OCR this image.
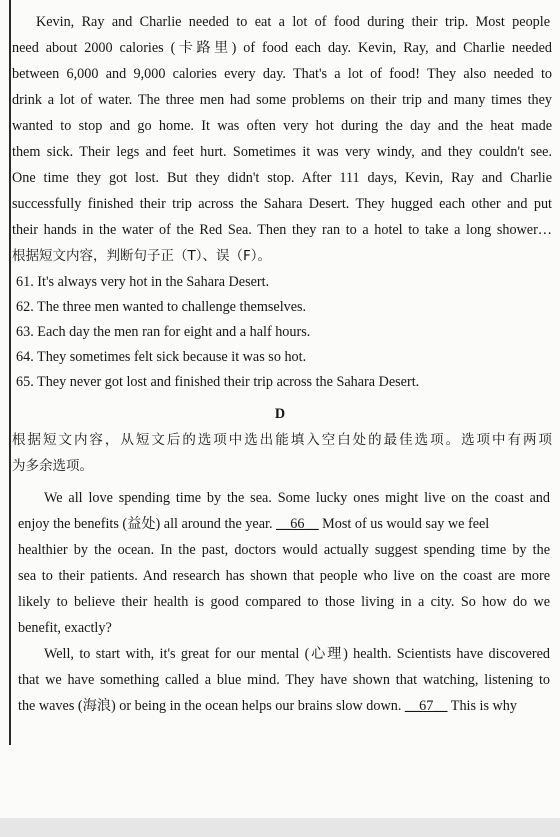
Kevin, Ray and Charlie needed to eat a lot of food during their trip. Most people
need about 2000 calories (卡路里) of food each day. Kevin, Ray, and Charlie needed
between 6,000 and 9,000 calories every day. That's a lot of food! They also needed to
drink a lot of water. The three men had some problems on their trip and many times they
wanted to stop and go home. It was often very hot during the day and the heat made
them sick. Their legs and feet hurt. Sometimes it was very windy, and they couldn't see.
One time they got lost. But they didn't stop. After 111 days, Kevin, Ray and Charlie
successfully finished their trip across the Sahara Desert. They hugged each other and put
their hands in the water of the Red Sea. Then they ran to a hotel to take a long shower…
根据短文内容，判断句子正（T）、误（F）。
61. It's always very hot in the Sahara Desert.
62. The three men wanted to challenge themselves.
63. Each day the men ran for eight and a half hours.
64. They sometimes felt sick because it was so hot.
65. They never got lost and finished their trip across the Sahara Desert.
D
根据短文内容，从短文后的选项中选出能填入空白处的最佳选项。选项中有两项
为多余选项。
We all love spending time by the sea. Some lucky ones might live on the coast and
enjoy the benefits (益处) all around the year. __66__ Most of us would say we feel
healthier by the ocean. In the past, doctors would actually suggest spending time by the
sea to their patients. And research has shown that people who live on the coast are more
likely to believe their health is good compared to those living in a city. So how do we
benefit, exactly?
Well, to start with, it's great for our mental (心理) health. Scientists have discovered
that we have something called a blue mind. They have shown that watching, listening to
the waves (海浪) or being in the ocean helps our brains slow down. __67__ This is why
